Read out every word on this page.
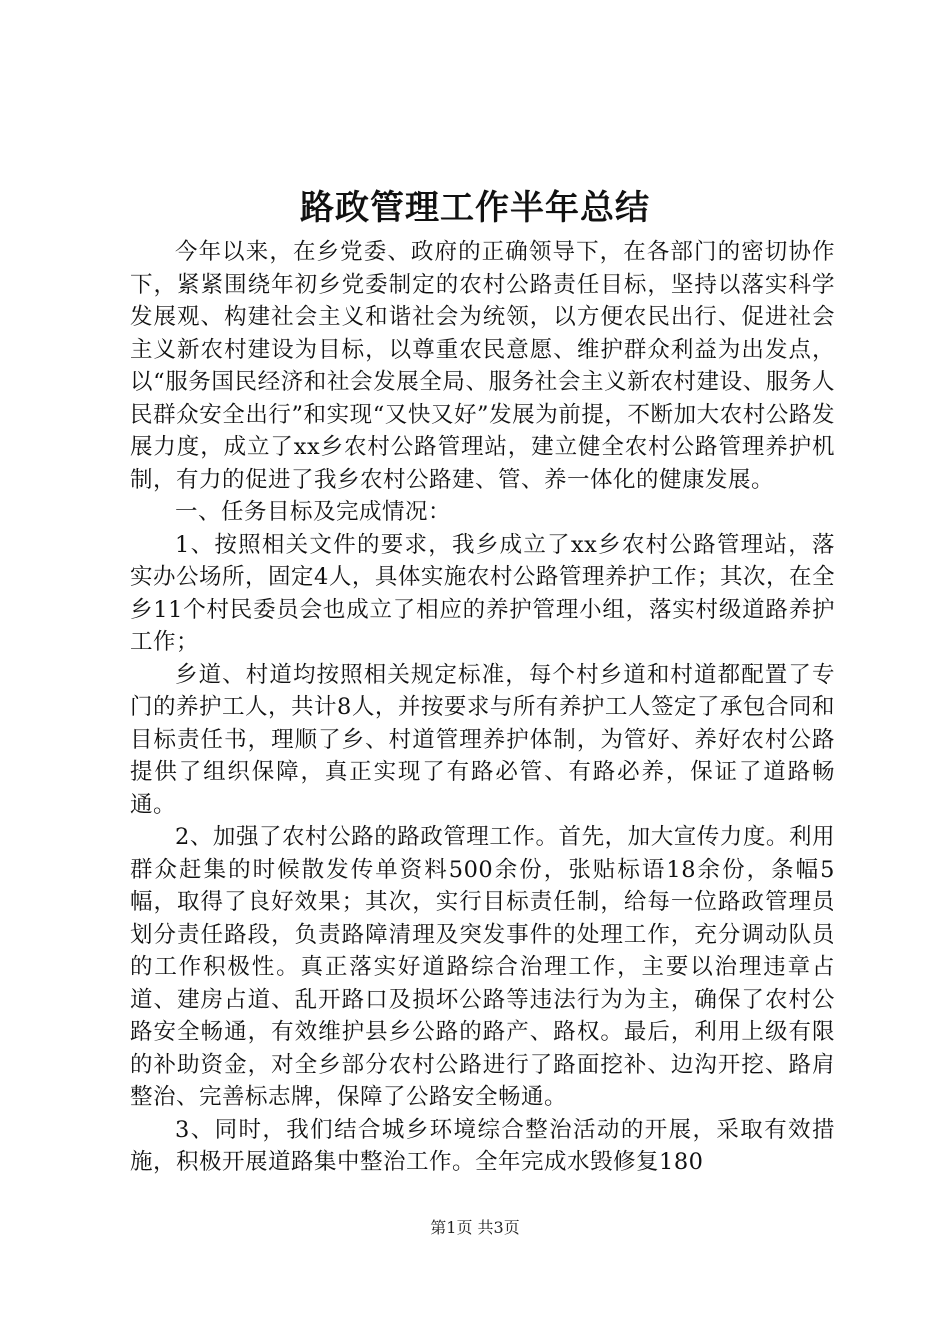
路政管理工作半年总结

今年以来，在乡党委、政府的正确领导下，在各部门的密切协作下，紧紧围绕年初乡党委制定的农村公路责任目标，坚持以落实科学发展观、构建社会主义和谐社会为统领，以方便农民出行、促进社会主义新农村建设为目标，以尊重农民意愿、维护群众利益为出发点，以“服务国民经济和社会发展全局、服务社会主义新农村建设、服务人民群众安全出行”和实现“又快又好”发展为前提，不断加大农村公路发展力度，成立了xx乡农村公路管理站，建立健全农村公路管理养护机制，有力的促进了我乡农村公路建、管、养一体化的健康发展。

一、任务目标及完成情况：

1、按照相关文件的要求，我乡成立了xx乡农村公路管理站，落实办公场所，固定4人，具体实施农村公路管理养护工作；其次，在全乡11个村民委员会也成立了相应的养护管理小组，落实村级道路养护工作；

乡道、村道均按照相关规定标准，每个村乡道和村道都配置了专门的养护工人，共计8人，并按要求与所有养护工人签定了承包合同和目标责任书，理顺了乡、村道管理养护体制，为管好、养好农村公路提供了组织保障，真正实现了有路必管、有路必养，保证了道路畅通。

2、加强了农村公路的路政管理工作。首先，加大宣传力度。利用群众赶集的时候散发传单资料500余份，张贴标语18余份，条幅5幅，取得了良好效果；其次，实行目标责任制，给每一位路政管理员划分责任路段，负责路障清理及突发事件的处理工作，充分调动队员的工作积极性。真正落实好道路综合治理工作，主要以治理违章占道、建房占道、乱开路口及损坏公路等违法行为为主，确保了农村公路安全畅通，有效维护县乡公路的路产、路权。最后，利用上级有限的补助资金，对全乡部分农村公路进行了路面挖补、边沟开挖、路肩整治、完善标志牌，保障了公路安全畅通。

3、同时，我们结合城乡环境综合整治活动的开展，采取有效措施，积极开展道路集中整治工作。全年完成水毁修复180

第1页 共3页
